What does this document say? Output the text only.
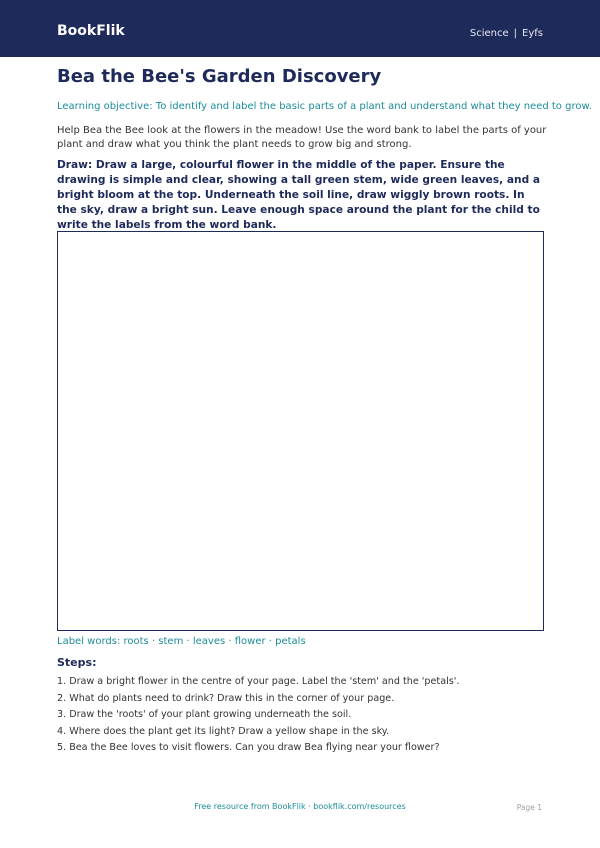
BookFlik	Science | Eyfs
Bea the Bee's Garden Discovery
Learning objective: To identify and label the basic parts of a plant and understand what they need to grow.
Help Bea the Bee look at the flowers in the meadow! Use the word bank to label the parts of your plant and draw what you think the plant needs to grow big and strong.
Draw: Draw a large, colourful flower in the middle of the paper. Ensure the drawing is simple and clear, showing a tall green stem, wide green leaves, and a bright bloom at the top. Underneath the soil line, draw wiggly brown roots. In the sky, draw a bright sun. Leave enough space around the plant for the child to write the labels from the word bank.
Label words: roots · stem · leaves · flower · petals
Steps:
1. Draw a bright flower in the centre of your page. Label the 'stem' and the 'petals'.
2. What do plants need to drink? Draw this in the corner of your page.
3. Draw the 'roots' of your plant growing underneath the soil.
4. Where does the plant get its light? Draw a yellow shape in the sky.
5. Bea the Bee loves to visit flowers. Can you draw Bea flying near your flower?
Free resource from BookFlik · bookflik.com/resources	Page 1
